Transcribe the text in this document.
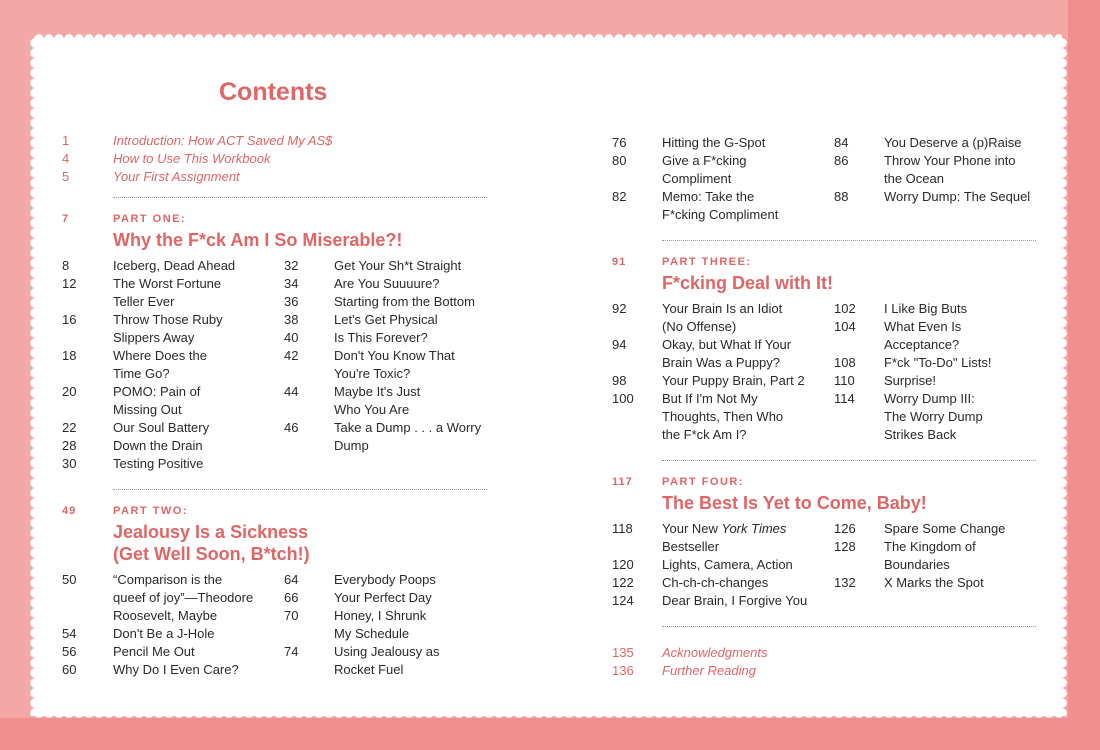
Contents
1	Introduction: How ACT Saved My AS$
4	How to Use This Workbook
5	Your First Assignment
7	PART ONE:
Why the F*ck Am I So Miserable?!
8	Iceberg, Dead Ahead
12	The Worst Fortune
Teller Ever
16	Throw Those Ruby
Slippers Away
18	Where Does the
Time Go?
20	POMO: Pain of
Missing Out
22	Our Soul Battery
28	Down the Drain
30	Testing Positive
32	Get Your Sh*t Straight
34	Are You Suuuure?
36	Starting from the Bottom
38	Let's Get Physical
40	Is This Forever?
42	Don't You Know That
You're Toxic?
44	Maybe It's Just
Who You Are
46	Take a Dump . . . a Worry
Dump
49	PART TWO:
Jealousy Is a Sickness
(Get Well Soon, B*tch!)
50	“Comparison is the
queef of joy”—Theodore
Roosevelt, Maybe
54	Don't Be a J-Hole
56	Pencil Me Out
60	Why Do I Even Care?
64	Everybody Poops
66	Your Perfect Day
70	Honey, I Shrunk
My Schedule
74	Using Jealousy as
Rocket Fuel
76	Hitting the G-Spot
80	Give a F*cking
Compliment
82	Memo: Take the
F*cking Compliment
84	You Deserve a (p)Raise
86	Throw Your Phone into
the Ocean
88	Worry Dump: The Sequel
91	PART THREE:
F*cking Deal with It!
92	Your Brain Is an Idiot
(No Offense)
94	Okay, but What If Your
Brain Was a Puppy?
98	Your Puppy Brain, Part 2
100 But If I'm Not My
Thoughts, Then Who
the F*ck Am I?
102 I Like Big Buts
104 What Even Is
Acceptance?
108 F*ck "To-Do" Lists!
110 Surprise!
114 Worry Dump III:
The Worry Dump
Strikes Back
117	PART FOUR:
The Best Is Yet to Come, Baby!
118 Your New York Times
Bestseller
120 Lights, Camera, Action
122 Ch-ch-ch-changes
124 Dear Brain, I Forgive You
126 Spare Some Change
128 The Kingdom of
Boundaries
132 X Marks the Spot
135 Acknowledgments
136 Further Reading
